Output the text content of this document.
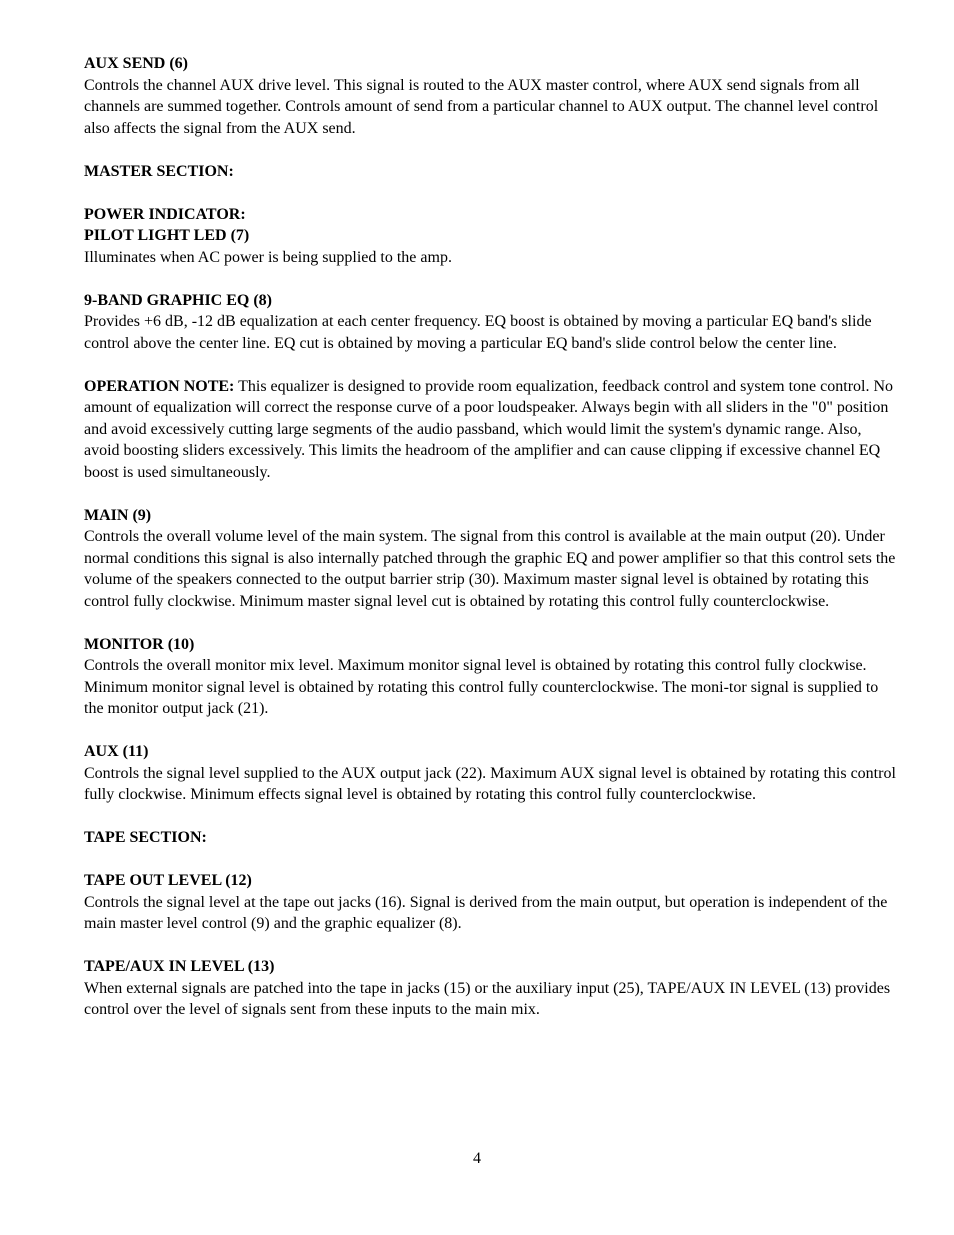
AUX SEND (6)

Controls the channel AUX drive level. This signal is routed to the AUX master control, where AUX send signals from all channels are summed together. Controls amount of send from a particular channel to AUX output. The channel level control also affects the signal from the AUX send.

MASTER SECTION:
POWER INDICATOR:
PILOT LIGHT LED (7)

Illuminates when AC power is being supplied to the amp.

9-BAND GRAPHIC EQ (8)

Provides +6 dB, -12 dB equalization at each center frequency. EQ boost is obtained by moving a particular EQ band's slide control above the center line. EQ cut is obtained by moving a particular EQ band's slide control below the center line.

OPERATION NOTE: This equalizer is designed to provide room equalization, feedback control and system tone control. No amount of equalization will correct the response curve of a poor loudspeaker. Always begin with all sliders in the "0" position and avoid excessively cutting large segments of the audio passband, which would limit the system's dynamic range. Also, avoid boosting sliders excessively. This limits the headroom of the amplifier and can cause clipping if excessive channel EQ boost is used simultaneously.

MAIN (9)

Controls the overall volume level of the main system. The signal from this control is available at the main output (20). Under normal conditions this signal is also internally patched through the graphic EQ and power amplifier so that this control sets the volume of the speakers connected to the output barrier strip (30). Maximum master signal level is obtained by rotating this control fully clockwise. Minimum master signal level cut is obtained by rotating this control fully counterclockwise.

MONITOR (10)

Controls the overall monitor mix level. Maximum monitor signal level is obtained by rotating this control fully clockwise. Minimum monitor signal level is obtained by rotating this control fully counterclockwise. The moni-tor signal is supplied to the monitor output jack (21).

AUX (11)

Controls the signal level supplied to the AUX output jack (22). Maximum AUX signal level is obtained by rotating this control fully clockwise. Minimum effects signal level is obtained by rotating this control fully counterclockwise.

TAPE SECTION:
TAPE OUT LEVEL (12)

Controls the signal level at the tape out jacks (16). Signal is derived from the main output, but operation is independent of the main master level control (9) and the graphic equalizer (8).

TAPE/AUX IN LEVEL (13)

When external signals are patched into the tape in jacks (15) or the auxiliary input (25), TAPE/AUX IN LEVEL (13) provides control over the level of signals sent from these inputs to the main mix.

4
